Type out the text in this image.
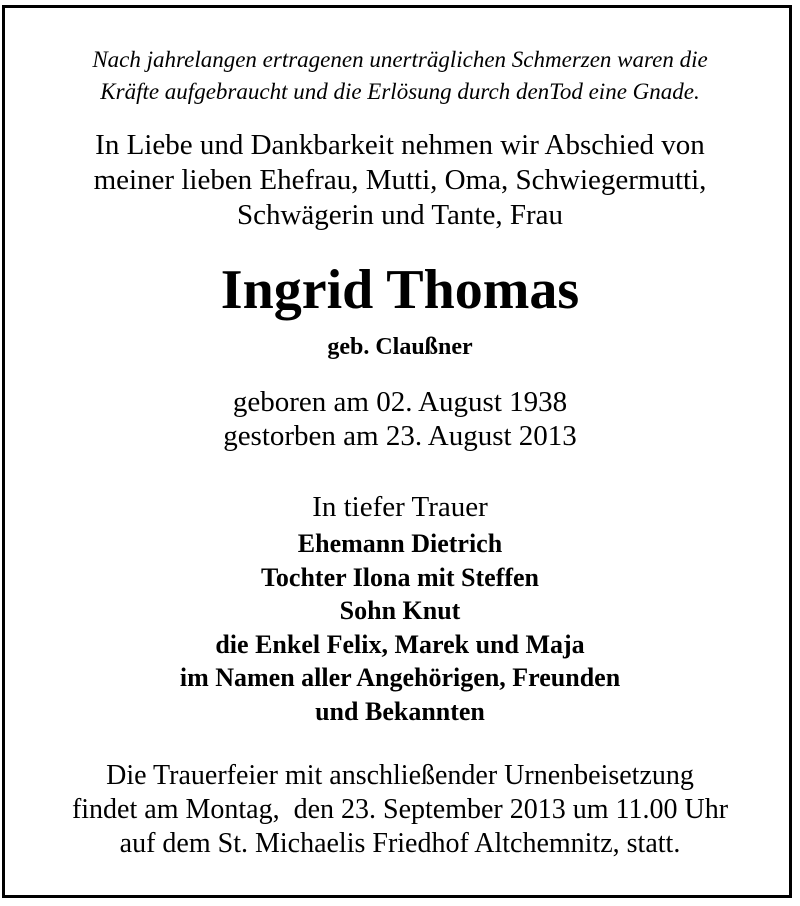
Nach jahrelangen ertragenen unerträglichen Schmerzen waren die
Kräfte aufgebraucht und die Erlösung durch denTod eine Gnade.
In Liebe und Dankbarkeit nehmen wir Abschied von
meiner lieben Ehefrau, Mutti, Oma, Schwiegermutti,
Schwägerin und Tante, Frau
Ingrid Thomas
geb. Claußner
geboren am 02. August 1938
gestorben am 23. August 2013
In tiefer Trauer
Ehemann Dietrich
Tochter Ilona mit Steffen
Sohn Knut
die Enkel Felix, Marek und Maja
im Namen aller Angehörigen, Freunden
und Bekannten
Die Trauerfeier mit anschließender Urnenbeisetzung
findet am Montag,  den 23. September 2013 um 11.00 Uhr
auf dem St. Michaelis Friedhof Altchemnitz, statt.
